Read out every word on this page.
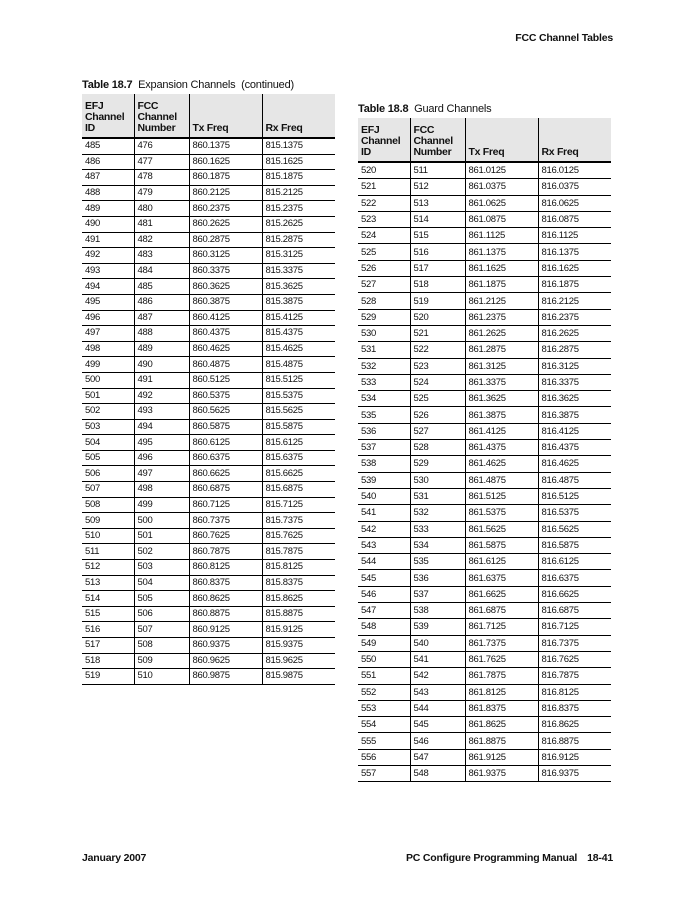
FCC Channel Tables
Table 18.7 Expansion Channels  (continued)
EFJ
Channel
ID	FCC
Channel
Number	Tx Freq	Rx Freq
485	476	860.1375	815.1375
486	477	860.1625	815.1625
487	478	860.1875	815.1875
488	479	860.2125	815.2125
489	480	860.2375	815.2375
490	481	860.2625	815.2625
491	482	860.2875	815.2875
492	483	860.3125	815.3125
493	484	860.3375	815.3375
494	485	860.3625	815.3625
495	486	860.3875	815.3875
496	487	860.4125	815.4125
497	488	860.4375	815.4375
498	489	860.4625	815.4625
499	490	860.4875	815.4875
500	491	860.5125	815.5125
501	492	860.5375	815.5375
502	493	860.5625	815.5625
503	494	860.5875	815.5875
504	495	860.6125	815.6125
505	496	860.6375	815.6375
506	497	860.6625	815.6625
507	498	860.6875	815.6875
508	499	860.7125	815.7125
509	500	860.7375	815.7375
510	501	860.7625	815.7625
511	502	860.7875	815.7875
512	503	860.8125	815.8125
513	504	860.8375	815.8375
514	505	860.8625	815.8625
515	506	860.8875	815.8875
516	507	860.9125	815.9125
517	508	860.9375	815.9375
518	509	860.9625	815.9625
519	510	860.9875	815.9875
Table 18.8 Guard Channels
EFJ
Channel
ID	FCC
Channel
Number	Tx Freq	Rx Freq
520	511	861.0125	816.0125
521	512	861.0375	816.0375
522	513	861.0625	816.0625
523	514	861.0875	816.0875
524	515	861.1125	816.1125
525	516	861.1375	816.1375
526	517	861.1625	816.1625
527	518	861.1875	816.1875
528	519	861.2125	816.2125
529	520	861.2375	816.2375
530	521	861.2625	816.2625
531	522	861.2875	816.2875
532	523	861.3125	816.3125
533	524	861.3375	816.3375
534	525	861.3625	816.3625
535	526	861.3875	816.3875
536	527	861.4125	816.4125
537	528	861.4375	816.4375
538	529	861.4625	816.4625
539	530	861.4875	816.4875
540	531	861.5125	816.5125
541	532	861.5375	816.5375
542	533	861.5625	816.5625
543	534	861.5875	816.5875
544	535	861.6125	816.6125
545	536	861.6375	816.6375
546	537	861.6625	816.6625
547	538	861.6875	816.6875
548	539	861.7125	816.7125
549	540	861.7375	816.7375
550	541	861.7625	816.7625
551	542	861.7875	816.7875
552	543	861.8125	816.8125
553	544	861.8375	816.8375
554	545	861.8625	816.8625
555	546	861.8875	816.8875
556	547	861.9125	816.9125
557	548	861.9375	816.9375
January 2007	PC Configure Programming Manual 18-41
